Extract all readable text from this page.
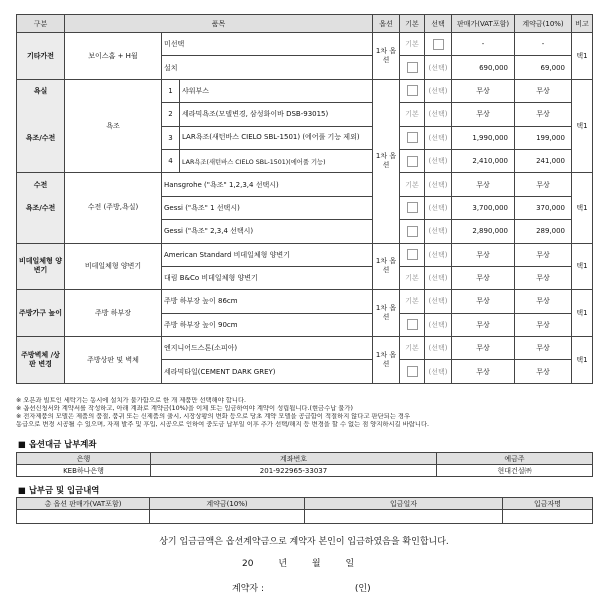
구분	품목			옵션	기본	선택	판매가(VAT포함)	계약금(10%)	비고
기타가전	보이스홈 + H월	미선택		1차 옵션	기본		-	-	택1
		설치				(선택)	690,000	69,000	
욕실	욕조	1	샤워부스	1차 옵션		(선택)	무상	무상	택1
		2	세라믹욕조(모델변경, 삼성화이바 DSB-93015)		기본	(선택)	무상	무상	
욕조/수전		3	LAR욕조(새턴바스 CIELO SBL-1501) (에어풀 기능 제외)			(선택)	1,990,000	199,000	
		4	LAR욕조(새턴바스 CIELO SBL-1501)(에어풀 기능)			(선택)	2,410,000	241,000	
수전	수전 (주방,욕실)	Hansgrohe ("욕조" 1,2,3,4 선택시)			기본	(선택)	무상	무상	택1
욕조/수전		Gessi ("욕조" 1 선택시)				(선택)	3,700,000	370,000	
		Gessi ("욕조" 2,3,4 선택시)				(선택)	2,890,000	289,000	
비데일체형 양변기	비데일체형 양변기	American Standard 비데일체형 양변기		1차 옵션		(선택)	무상	무상	택1
		대림 B&Co 비데일체형 양변기			기본	(선택)	무상	무상	
주방가구 높이	주방 하부장	주방 하부장 높이 86cm		1차 옵션	기본	(선택)	무상	무상	택1
		주방 하부장 높이 90cm				(선택)	무상	무상	
주방벽체 /상판 변경	주방상판 및 벽체	엔지니어드스톤(소피아)		1차 옵션	기본	(선택)	무상	무상	택1
		세라믹타일(CEMENT DARK GREY)				(선택)	무상	무상	
※ 오븐과 빌트인 세탁기는 동시에 설치가 불가함으로 한 개 제품만 선택해야 합니다.
※ 옵션신청서와 계약서를 작성하고, 아래 계좌로 계약금(10%)을 이체 또는 입금하여야 계약이 성립됩니다.(현금수납 불가)
※ 전자제품의 모델은 제품의 품절, 품귀 또는 신제품의 출시, 시장상황의 변화 등으로 당초 계약 모델을 공급함이 적절하지 않다고 판단되는 경우
동급으로 변경 시공될 수 있으며, 자재 발주 및 후입, 시공으로 인하여 중도금 납부일 이후 추가 선택/해지 등 변경을 할 수 없는 점 양지하시길 바랍니다.
■ 옵션대금 납부계좌
은행	계좌번호	예금주
KEB하나은행	201-922965-33037	현대건설㈜
■ 납부금 및 입금내역
총 옵션 판매가(VAT포함)	계약금(10%)	입금일자	입금자명

상기 입금금액은 옵션계약금으로 계약자 본인이 입금하였음을 확인합니다.
20	년	월	일
계약자 :	(인)
